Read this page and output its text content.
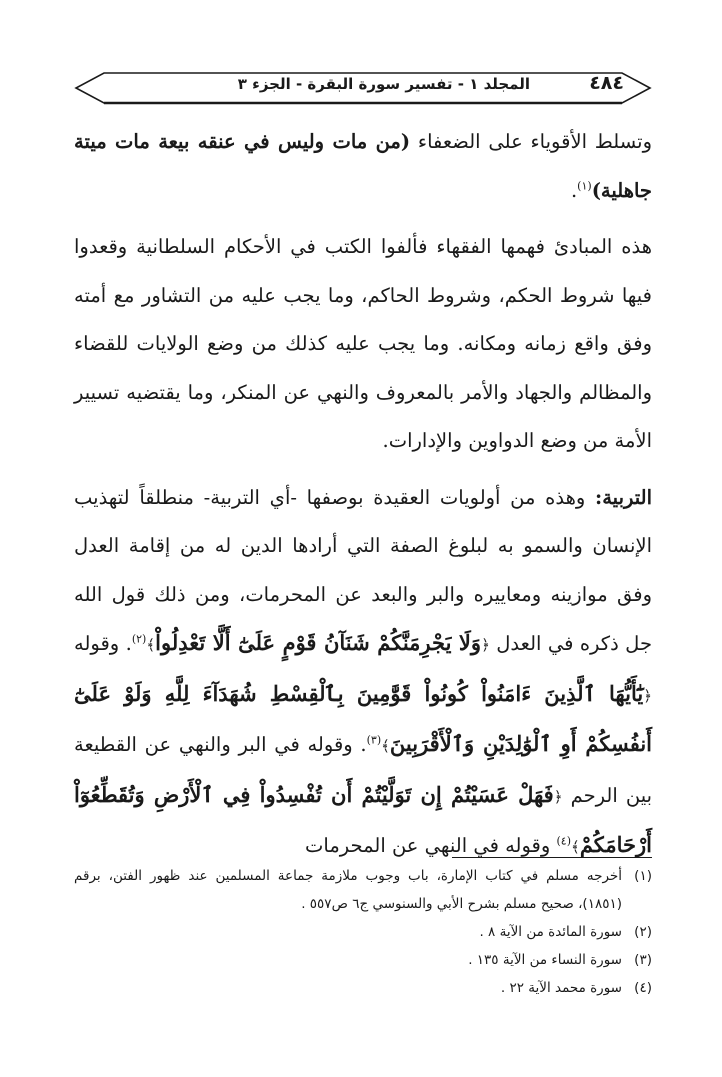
٤٨٤
المجلد ١ - تفسير سورة البقرة - الجزء ٣

وتسلط الأقوياء على الضعفاء (من مات وليس في عنقه بيعة مات ميتة جاهلية)$^{(١)}$.

هذه المبادئ فهمها الفقهاء فألفوا الكتب في الأحكام السلطانية وقعدوا فيها شروط الحكم، وشروط الحاكم، وما يجب عليه من التشاور مع أمته وفق واقع زمانه ومكانه. وما يجب عليه كذلك من وضع الولايات للقضاء والمظالم والجهاد والأمر بالمعروف والنهي عن المنكر، وما يقتضيه تسيير الأمة من وضع الدواوين والإدارات.

التربية: وهذه من أولويات العقيدة بوصفها -أي التربية- منطلقاً لتهذيب الإنسان والسمو به لبلوغ الصفة التي أرادها الدين له من إقامة العدل وفق موازينه ومعاييره والبر والبعد عن المحرمات، ومن ذلك قول الله جل ذكره في العدل ﴿وَلَا يَجْرِمَنَّكُمْ شَنَآنُ قَوْمٍ عَلَىٰٓ أَلَّا تَعْدِلُواْ﴾$^{(٢)}$. وقوله ﴿يَٰٓأَيُّهَا ٱلَّذِينَ ءَامَنُواْ كُونُواْ قَوَّٰمِينَ بِٱلْقِسْطِ شُهَدَآءَ لِلَّهِ وَلَوْ عَلَىٰٓ أَنفُسِكُمْ أَوِ ٱلْوَٰلِدَيْنِ وَٱلْأَقْرَبِينَ﴾$^{(٣)}$. وقوله في البر والنهي عن القطيعة بين الرحم ﴿فَهَلْ عَسَيْتُمْ إِن تَوَلَّيْتُمْ أَن تُفْسِدُواْ فِي ٱلْأَرْضِ وَتُقَطِّعُوٓاْ أَرْحَامَكُمْ﴾$^{(٤)}$ وقوله في النهي عن المحرمات

(١)
أخرجه مسلم في كتاب الإمارة، باب وجوب ملازمة جماعة المسلمين عند ظهور الفتن، برقم (١٨٥١)، صحيح مسلم بشرح الأبي والسنوسي ج٦ ص٥٥٧ .

(٢)
سورة المائدة من الآية ٨ .

(٣)
سورة النساء من الآية ١٣٥ .

(٤)
سورة محمد الآية ٢٢ .
